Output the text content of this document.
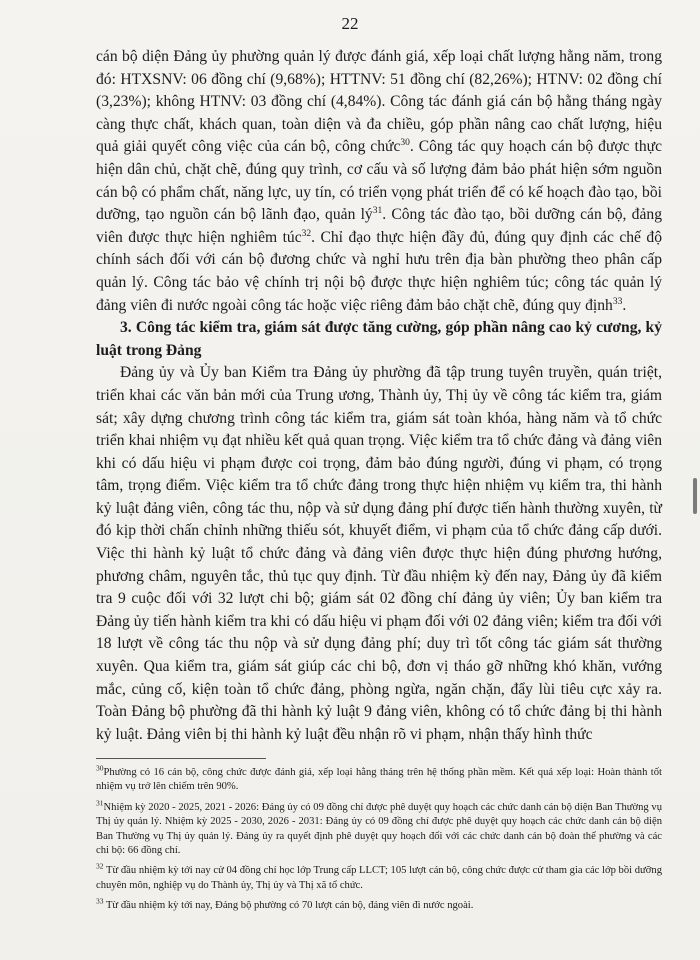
22

cán bộ diện Đảng ủy phường quản lý được đánh giá, xếp loại chất lượng hằng năm, trong đó: HTXSNV: 06 đồng chí (9,68%); HTTNV: 51 đồng chí (82,26%); HTNV: 02 đồng chí (3,23%); không HTNV: 03 đồng chí (4,84%). Công tác đánh giá cán bộ hằng tháng ngày càng thực chất, khách quan, toàn diện và đa chiều, góp phần nâng cao chất lượng, hiệu quả giải quyết công việc của cán bộ, công chức$^{30}$. Công tác quy hoạch cán bộ được thực hiện dân chủ, chặt chẽ, đúng quy trình, cơ cấu và số lượng đảm bảo phát hiện sớm nguồn cán bộ có phẩm chất, năng lực, uy tín, có triển vọng phát triển để có kế hoạch đào tạo, bồi dưỡng, tạo nguồn cán bộ lãnh đạo, quản $lý^{31}$. Công tác đào tạo, bồi dưỡng cán bộ, đảng viên được thực hiện nghiêm túc$^{32}$. Chỉ đạo thực hiện đầy đủ, đúng quy định các chế độ chính sách đối với cán bộ đương chức và nghỉ hưu trên địa bàn phường theo phân cấp quản lý. Công tác bảo vệ chính trị nội bộ được thực hiện nghiêm túc; công tác quản lý đảng viên đi nước ngoài công tác hoặc việc riêng đảm bảo chặt chẽ, đúng quy định$^{33}$.

3. Công tác kiểm tra, giám sát được tăng cường, góp phần nâng cao kỷ cương, kỷ luật trong Đảng

Đảng ủy và Ủy ban Kiểm tra Đảng ủy phường đã tập trung tuyên truyền, quán triệt, triển khai các văn bản mới của Trung ương, Thành ủy, Thị ủy về công tác kiểm tra, giám sát; xây dựng chương trình công tác kiểm tra, giám sát toàn khóa, hàng năm và tổ chức triển khai nhiệm vụ đạt nhiều kết quả quan trọng. Việc kiểm tra tổ chức đảng và đảng viên khi có dấu hiệu vi phạm được coi trọng, đảm bảo đúng người, đúng vi phạm, có trọng tâm, trọng điểm. Việc kiểm tra tổ chức đảng trong thực hiện nhiệm vụ kiểm tra, thi hành kỷ luật đảng viên, công tác thu, nộp và sử dụng đảng phí được tiến hành thường xuyên, từ đó kịp thời chấn chỉnh những thiếu sót, khuyết điểm, vi phạm của tổ chức đảng cấp dưới. Việc thi hành kỷ luật tổ chức đảng và đảng viên được thực hiện đúng phương hướng, phương châm, nguyên tắc, thủ tục quy định. Từ đầu nhiệm kỳ đến nay, Đảng ủy đã kiểm tra 9 cuộc đối với 32 lượt chi bộ; giám sát 02 đồng chí đảng ủy viên; Ủy ban kiểm tra Đảng ủy tiến hành kiểm tra khi có dấu hiệu vi phạm đối với 02 đảng viên; kiểm tra đối với 18 lượt về công tác thu nộp và sử dụng đảng phí; duy trì tốt công tác giám sát thường xuyên. Qua kiểm tra, giám sát giúp các chi bộ, đơn vị tháo gỡ những khó khăn, vướng mắc, củng cố, kiện toàn tổ chức đảng, phòng ngừa, ngăn chặn, đẩy lùi tiêu cực xảy ra. Toàn Đảng bộ phường đã thi hành kỷ luật 9 đảng viên, không có tổ chức đảng bị thi hành kỷ luật. Đảng viên bị thi hành kỷ luật đều nhận rõ vi phạm, nhận thấy hình thức

$^{30}$Phường có 16 cán bộ, công chức được đánh giá, xếp loại hằng tháng trên hệ thống phần mềm. Kết quả xếp loại: Hoàn thành tốt nhiệm vụ trở lên chiếm trên 90%.

$^{31}$Nhiệm kỳ 2020 - 2025, 2021 - 2026: Đảng ủy có 09 đồng chí được phê duyệt quy hoạch các chức danh cán bộ diện Ban Thường vụ Thị ủy quản lý. Nhiệm kỳ 2025 - 2030, 2026 - 2031: Đảng ủy có 09 đồng chí được phê duyệt quy hoạch các chức danh cán bộ diện Ban Thường vụ Thị ủy quản lý. Đảng ủy ra quyết định phê duyệt quy hoạch đối với các chức danh cán bộ đoàn thể phường và các chi bộ: 66 đồng chí.

$^{32}$ Từ đầu nhiệm kỳ tới nay cử 04 đồng chí học lớp Trung cấp LLCT; 105 lượt cán bộ, công chức được cử tham gia các lớp bồi dưỡng chuyên môn, nghiệp vụ do Thành ủy, Thị ủy và Thị xã tổ chức.

$^{33}$ Từ đầu nhiệm kỳ tới nay, Đảng bộ phường có 70 lượt cán bộ, đảng viên đi nước ngoài.
